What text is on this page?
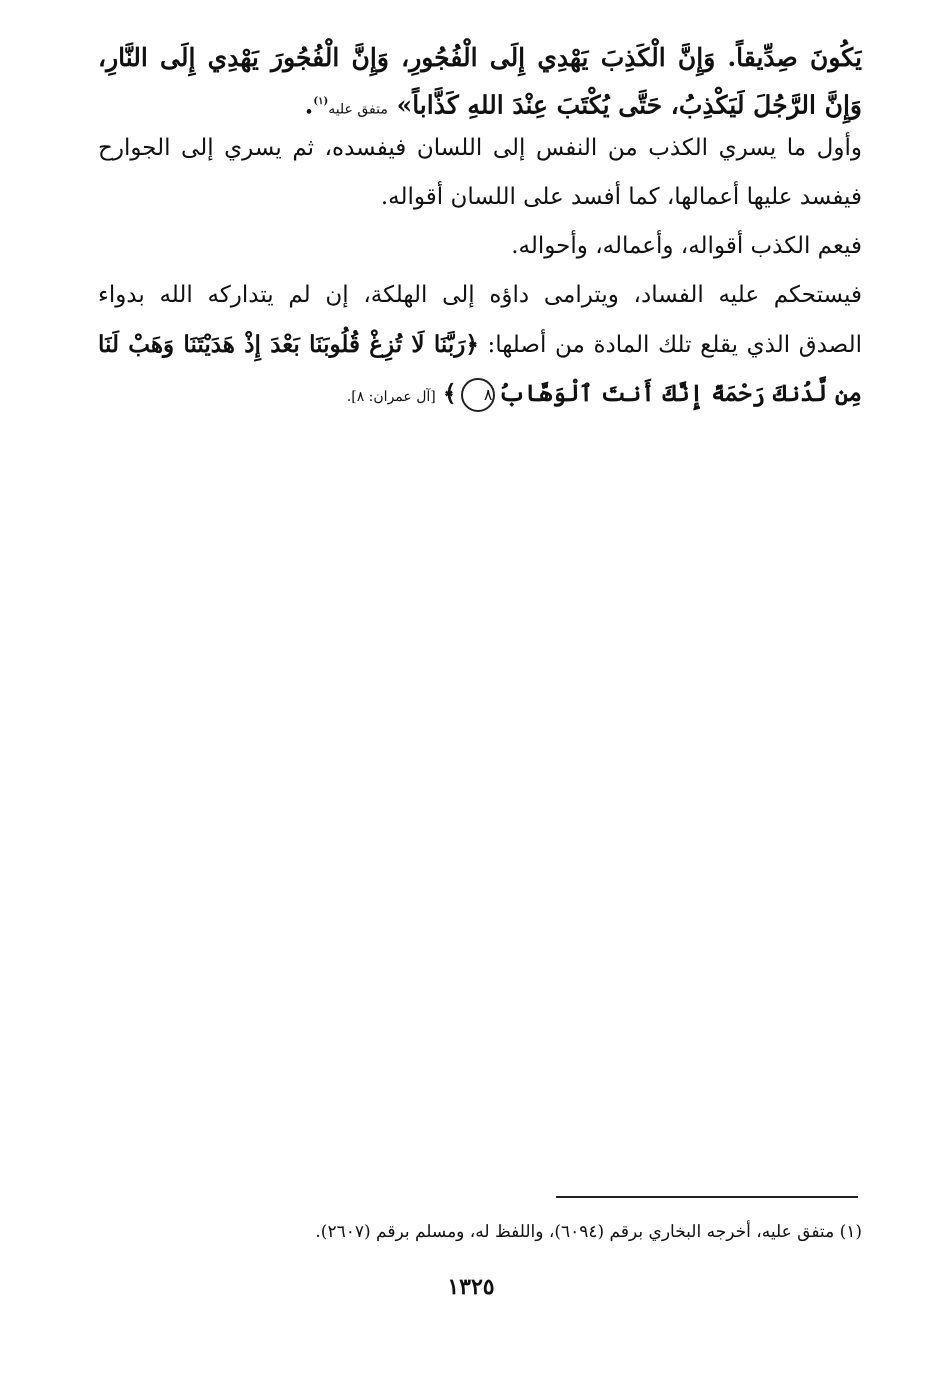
يَكُونَ صِدِّيقاً. وَإِنَّ الْكَذِبَ يَهْدِي إِلَى الْفُجُورِ، وَإِنَّ الْفُجُورَ يَهْدِي إِلَى النَّارِ،
وَإِنَّ الرَّجُلَ لَيَكْذِبُ، حَتَّى يُكْتَبَ عِنْدَ اللهِ كَذَّاباً» متفق عليه$^{(١)}$.
وأول ما يسري الكذب من النفس إلى اللسان فيفسده، ثم يسري إلى الجوارح
فيفسد عليها أعمالها، كما أفسد على اللسان أقواله.
فيعم الكذب أقواله، وأعماله، وأحواله.
فيستحكم عليه الفساد، ويترامى داؤه إلى الهلكة، إن لم يتداركه الله بدواء
الصدق الذي يقلع تلك المادة من أصلها: ﴿رَبَّنَا لَا تُزِغْ قُلُوبَنَا بَعْدَ إِذْ هَدَيْتَنَا وَهَبْ لَنَا
مِن لَّدُنكَ رَحْمَةً إِنَّكَ أَنتَ ٱلْوَهَّابُ٨﴾ [آل عمران: ٨].
(١) متفق عليه، أخرجه البخاري برقم (٦٠٩٤)، واللفظ له، ومسلم برقم (٢٦٠٧).
١٣٢٥
